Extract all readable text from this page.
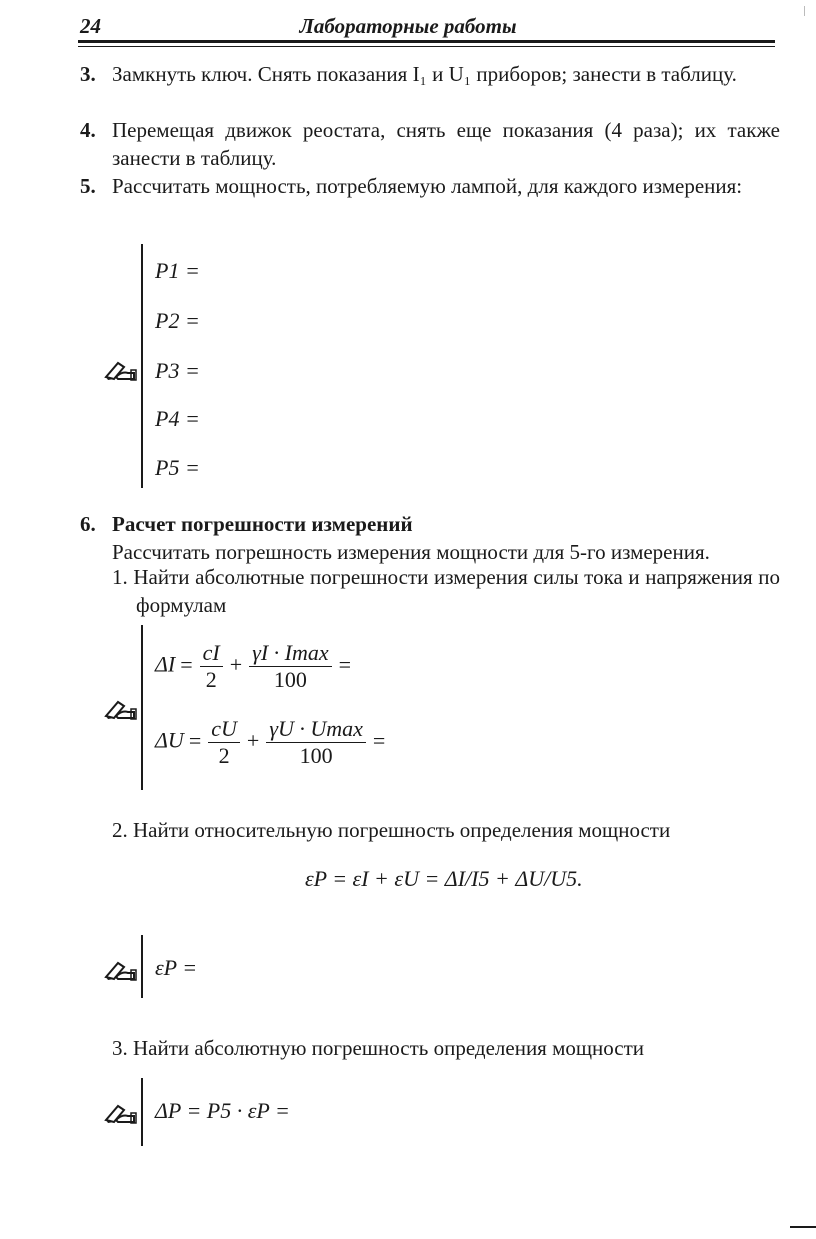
24	Лабораторные работы
3. Замкнуть ключ. Снять показания I₁ и U₁ приборов; занести в таблицу.
4. Перемещая движок реостата, снять еще показания (4 раза); их также занести в таблицу.
5. Рассчитать мощность, потребляемую лампой, для каждого измерения:
P1 =
P2 =
P3 =
P4 =
P5 =
6. Расчет погрешности измерений
Рассчитать погрешность измерения мощности для 5-го измерения.
1. Найти абсолютные погрешности измерения силы тока и напряжения по формулам
$\Delta I = \frac{cI}{2} + \frac{\gamma I \cdot Imax}{100}$ =
$\Delta U = \frac{cU}{2} + \frac{\gamma U \cdot Umax}{100}$ =
2. Найти относительную погрешность определения мощности
εP = εI + εU = ΔI/I5 + ΔU/U5.
εP =
3. Найти абсолютную погрешность определения мощности
ΔP = P5 · εP =
